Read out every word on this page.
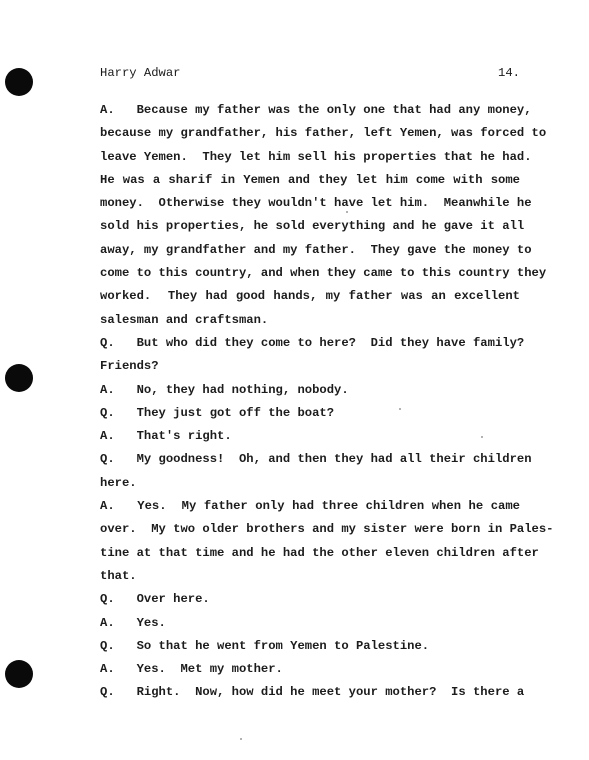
Harry Adwar	14.
A.   Because my father was the only one that had any money,
because my grandfather, his father, left Yemen, was forced to
leave Yemen.  They let him sell his properties that he had.
He was a sharif in Yemen and they let him come with some
money.  Otherwise they wouldn't have let him.  Meanwhile he
sold his properties, he sold everything and he gave it all
away, my grandfather and my father.  They gave the money to
come to this country, and when they came to this country they
worked.  They had good hands, my father was an excellent
salesman and craftsman.
Q.   But who did they come to here?  Did they have family?
Friends?
A.   No, they had nothing, nobody.
Q.   They just got off the boat?
A.   That's right.
Q.   My goodness!  Oh, and then they had all their children
here.
A.   Yes.  My father only had three children when he came
over.  My two older brothers and my sister were born in Pales-
tine at that time and he had the other eleven children after
that.
Q.   Over here.
A.   Yes.
Q.   So that he went from Yemen to Palestine.
A.   Yes.  Met my mother.
Q.   Right.  Now, how did he meet your mother?  Is there a
